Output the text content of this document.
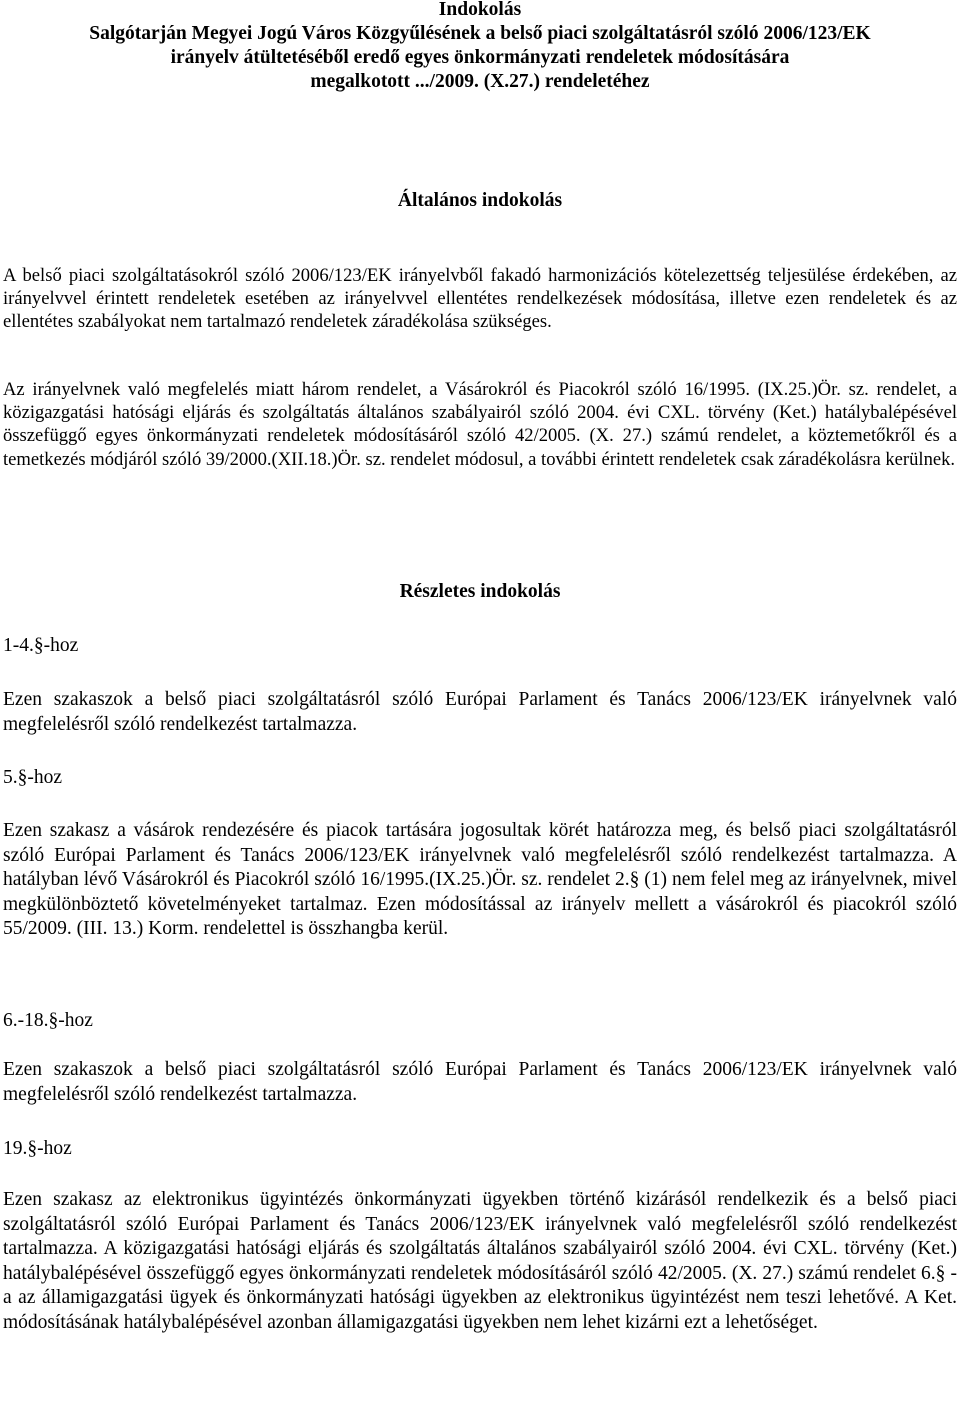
Indokolás
Salgótarján Megyei Jogú Város Közgyűlésének a belső piaci szolgáltatásról szóló 2006/123/EK
irányelv átültetéséből eredő egyes önkormányzati rendeletek módosítására
megalkotott .../2009. (X.27.) rendeletéhez
Általános indokolás

A belső piaci szolgáltatásokról szóló 2006/123/EK irányelvből fakadó harmonizációs kötelezettség teljesülése érdekében, az irányelvvel érintett rendeletek esetében az irányelvvel ellentétes rendelkezések módosítása, illetve ezen rendeletek és az ellentétes szabályokat nem tartalmazó rendeletek záradékolása szükséges.

Az irányelvnek való megfelelés miatt három rendelet, a Vásárokról és Piacokról szóló 16/1995. (IX.25.)Ör. sz. rendelet, a közigazgatási hatósági eljárás és szolgáltatás általános szabályairól szóló 2004. évi CXL. törvény (Ket.) hatálybalépésével összefüggő egyes önkormányzati rendeletek módosításáról szóló 42/2005. (X. 27.) számú rendelet, a köztemetőkről és a temetkezés módjáról szóló 39/2000.(XII.18.)Ör. sz. rendelet módosul, a további érintett rendeletek csak záradékolásra kerülnek.

Részletes indokolás

1-4.§-hoz

Ezen szakaszok a belső piaci szolgáltatásról szóló Európai Parlament és Tanács 2006/123/EK irányelvnek való megfelelésről szóló rendelkezést tartalmazza.

5.§-hoz

Ezen szakasz a vásárok rendezésére és piacok tartására jogosultak körét határozza meg, és belső piaci szolgáltatásról szóló Európai Parlament és Tanács 2006/123/EK irányelvnek való megfelelésről szóló rendelkezést tartalmazza. A hatályban lévő Vásárokról és Piacokról szóló 16/1995.(IX.25.)Ör. sz. rendelet 2.§ (1) nem felel meg az irányelvnek, mivel megkülönböztető követelményeket tartalmaz. Ezen módosítással az irányelv mellett a vásárokról és piacokról szóló 55/2009. (III. 13.) Korm. rendelettel is összhangba kerül.

6.-18.§-hoz

Ezen szakaszok a belső piaci szolgáltatásról szóló Európai Parlament és Tanács 2006/123/EK irányelvnek való megfelelésről szóló rendelkezést tartalmazza.

19.§-hoz

Ezen szakasz az elektronikus ügyintézés önkormányzati ügyekben történő kizárásól rendelkezik és a belső piaci szolgáltatásról szóló Európai Parlament és Tanács 2006/123/EK irányelvnek való megfelelésről szóló rendelkezést tartalmazza. A közigazgatási hatósági eljárás és szolgáltatás általános szabályairól szóló 2004. évi CXL. törvény (Ket.) hatálybalépésével összefüggő egyes önkormányzati rendeletek módosításáról szóló 42/2005. (X. 27.) számú rendelet 6.§ -a az államigazgatási ügyek és önkormányzati hatósági ügyekben az elektronikus ügyintézést nem teszi lehetővé. A Ket. módosításának hatálybalépésével azonban államigazgatási ügyekben nem lehet kizárni ezt a lehetőséget.
